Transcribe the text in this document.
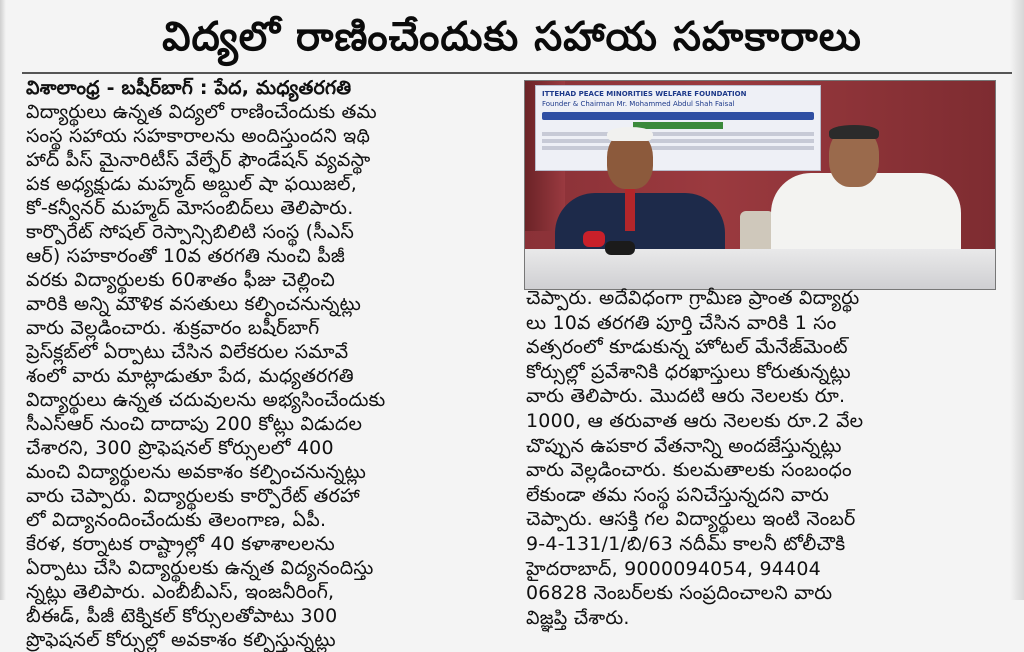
విద్యలో రాణించేందుకు సహాయ సహకారాలు
విశాలాంధ్ర - బషీర్‌బాగ్ : పేద, మధ్యతరగతి
విద్యార్థులు ఉన్నత విద్యలో రాణించేందుకు తమ
సంస్థ సహాయ సహకారాలను అందిస్తుందని ఇథి
హాద్ పీస్ మైనారిటీస్ వేల్ఫేర్ ఫౌండేషన్ వ్యవస్థా
పక అధ్యక్షుడు మహ్మద్ అబ్దుల్ షా ఫయిజల్,
కో-కన్వీనర్ మహ్మద్ మోసంబిద్‌లు తెలిపారు.
కార్పొరేట్ సోషల్ రెస్పాన్సిబిలిటి సంస్థ (సీఎస్
ఆర్) సహకారంతో 10వ తరగతి నుంచి పీజీ
వరకు విద్యార్థులకు 60శాతం ఫీజు చెల్లించి
వారికి అన్ని మౌళిక వసతులు కల్పించనున్నట్లు
వారు వెల్లడించారు. శుక్రవారం బషీర్‌బాగ్
ప్రెస్‌క్లబ్‌లో ఏర్పాటు చేసిన విలేకరుల సమావే
శంలో వారు మాట్లాడుతూ పేద, మధ్యతరగతి
విద్యార్థులు ఉన్నత చదువులను అభ్యసించేందుకు
సీఎస్‌ఆర్ నుంచి దాదాపు 200 కోట్లు విడుదల
చేశారని, 300 ప్రొఫెషనల్ కోర్సులలో 400
మంచి విద్యార్థులను అవకాశం కల్పించనున్నట్లు
వారు చెప్పారు. విద్యార్థులకు కార్పొరేట్ తరహా
లో విద్యానందించేందుకు తెలంగాణ, ఏపీ.
కేరళ, కర్నాటక రాష్ట్రాల్లో 40 కళాశాలలను
ఏర్పాటు చేసి విద్యార్థులకు ఉన్నత విద్యనందిస్తు
న్నట్లు తెలిపారు. ఎంబీబీఎస్, ఇంజనీరింగ్,
బీఈడ్, పీజీ టెక్నికల్ కోర్సులతోపాటు 300
ప్రొఫెషనల్ కోర్సుల్లో అవకాశం కల్పిస్తున్నట్లు
ITTEHAD PEACE MINORITIES WELFARE FOUNDATION
Founder & Chairman Mr. Mohammed Abdul Shah Faisal
చెప్పారు. అదేవిధంగా గ్రామీణ ప్రాంత విద్యార్థు
లు 10వ తరగతి పూర్తి చేసిన వారికి 1 సం
వత్సరంలో కూడుకున్న హోటల్ మేనేజ్‌మెంట్
కోర్సుల్లో ప్రవేశానికి ధరఖాస్తులు కోరుతున్నట్లు
వారు తెలిపారు. మొదటి ఆరు నెలలకు రూ.
1000, ఆ తరువాత ఆరు నెలలకు రూ.2 వేల
చొప్పున ఉపకార వేతనాన్ని అందజేస్తున్నట్లు
వారు వెల్లడించారు. కులమతాలకు సంబంధం
లేకుండా తమ సంస్థ పనిచేస్తున్నదని వారు
చెప్పారు. ఆసక్తి గల విద్యార్థులు ఇంటి నెంబర్
9-4-131/1/బి/63 నదీమ్ కాలనీ టోలీచౌకి
హైదరాబాద్, 9000094054, 94404
06828 నెంబర్‌లకు సంప్రదించాలని వారు
విజ్ఞప్తి చేశారు.
